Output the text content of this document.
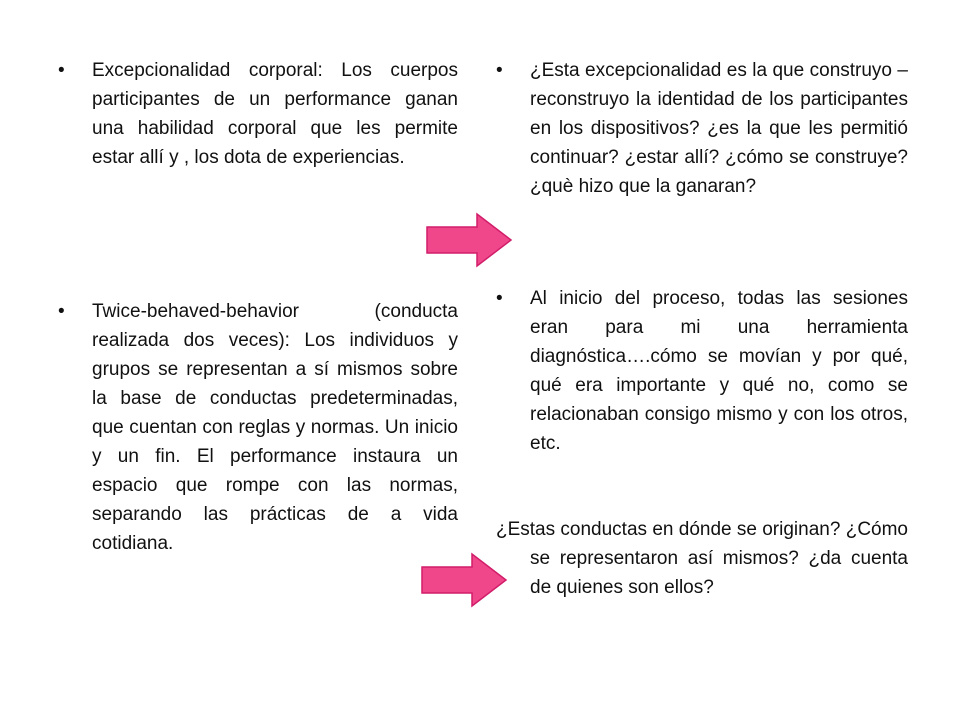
•	Excepcionalidad corporal: Los cuerpos participantes de un performance ganan una habilidad corporal que les permite estar allí y , los dota de experiencias.
•	Twice-behaved-behavior (conducta realizada dos veces): Los individuos y grupos se representan a sí mismos sobre la base de conductas predeterminadas, que cuentan con reglas y normas. Un inicio y un fin. El performance instaura un espacio que rompe con las normas, separando las prácticas de a vida cotidiana.
•	¿Esta excepcionalidad es la que construyo – reconstruyo la identidad de los participantes en los dispositivos? ¿es la que les permitió continuar? ¿estar allí? ¿cómo se construye? ¿què hizo que la ganaran?
•	Al inicio del proceso, todas las sesiones eran para mi una herramienta diagnóstica….cómo se movían y por qué, qué era importante y qué no, como se relacionaban consigo mismo y con los otros, etc.
¿Estas conductas en dónde se originan? ¿Cómo se representaron así mismos? ¿da cuenta de quienes son ellos?
